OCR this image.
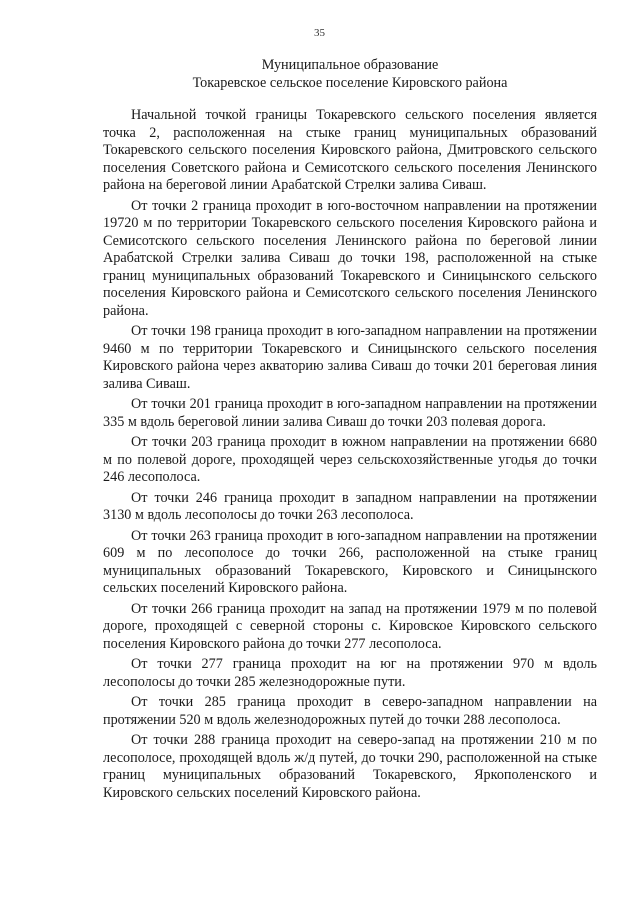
35
Муниципальное образование
Токаревское сельское поселение Кировского района

Начальной точкой границы Токаревского сельского поселения является точка 2, расположенная на стыке границ муниципальных образований Токаревского сельского поселения Кировского района, Дмитровского сельского поселения Советского района и Семисотского сельского поселения Ленинского района на береговой линии Арабатской Стрелки залива Сиваш.

От точки 2 граница проходит в юго-восточном направлении на протяжении 19720 м по территории Токаревского сельского поселения Кировского района и Семисотского сельского поселения Ленинского района по береговой линии Арабатской Стрелки залива Сиваш до точки 198, расположенной на стыке границ муниципальных образований Токаревского и Синицынского сельского поселения Кировского района и Семисотского сельского поселения Ленинского района.

От точки 198 граница проходит в юго-западном направлении на протяжении 9460 м по территории Токаревского и Синицынского сельского поселения Кировского района через акваторию залива Сиваш до точки 201 береговая линия залива Сиваш.

От точки 201 граница проходит в юго-западном направлении на протяжении 335 м вдоль береговой линии залива Сиваш до точки 203 полевая дорога.

От точки 203 граница проходит в южном направлении на протяжении 6680 м по полевой дороге, проходящей через сельскохозяйственные угодья до точки 246 лесополоса.

От точки 246 граница проходит в западном направлении на протяжении 3130 м вдоль лесополосы до точки 263 лесополоса.

От точки 263 граница проходит в юго-западном направлении на протяжении 609 м по лесополосе до точки 266, расположенной на стыке границ муниципальных образований Токаревского, Кировского и Синицынского сельских поселений Кировского района.

От точки 266 граница проходит на запад на протяжении 1979 м по полевой дороге, проходящей с северной стороны с. Кировское Кировского сельского поселения Кировского района до точки 277 лесополоса.

От точки 277 граница проходит на юг на протяжении 970 м вдоль лесополосы до точки 285 железнодорожные пути.

От точки 285 граница проходит в северо-западном направлении на протяжении 520 м вдоль железнодорожных путей до точки 288 лесополоса.

От точки 288 граница проходит на северо-запад на протяжении 210 м по лесополосе, проходящей вдоль ж/д путей, до точки 290, расположенной на стыке границ муниципальных образований Токаревского, Яркополенского и Кировского сельских поселений Кировского района.
